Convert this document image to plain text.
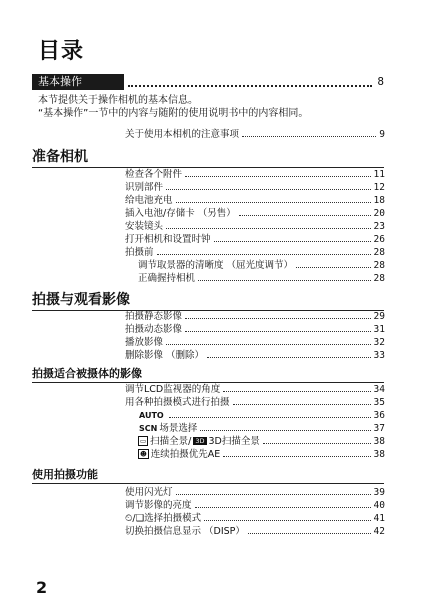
目录
基本操作	8
本节提供关于操作相机的基本信息。
“基本操作”一节中的内容与随附的使用说明书中的内容相同。
关于使用本相机的注意事项	9
准备相机
检查各个附件	11
识别部件	12
给电池充电	18
插入电池/存储卡 （另售）	20
安装镜头	23
打开相机和设置时钟	26
拍摄前	28
调节取景器的清晰度 （屈光度调节）	28
正确握持相机	28
拍摄与观看影像
拍摄静态影像	29
拍摄动态影像	31
播放影像	32
删除影像 （删除）	33
拍摄适合被摄体的影像
调节LCD监视器的角度	34
用各种拍摄模式进行拍摄	35
AUTO	36
SCN 场景选择	37
▭ 扫描全景/ 3D 3D扫描全景	38
☻ 连续拍摄优先AE	38
使用拍摄功能
使用闪光灯	39
调节影像的亮度	40
⏲/❑选择拍摄模式	41
切换拍摄信息显示 （DISP）	42
2
